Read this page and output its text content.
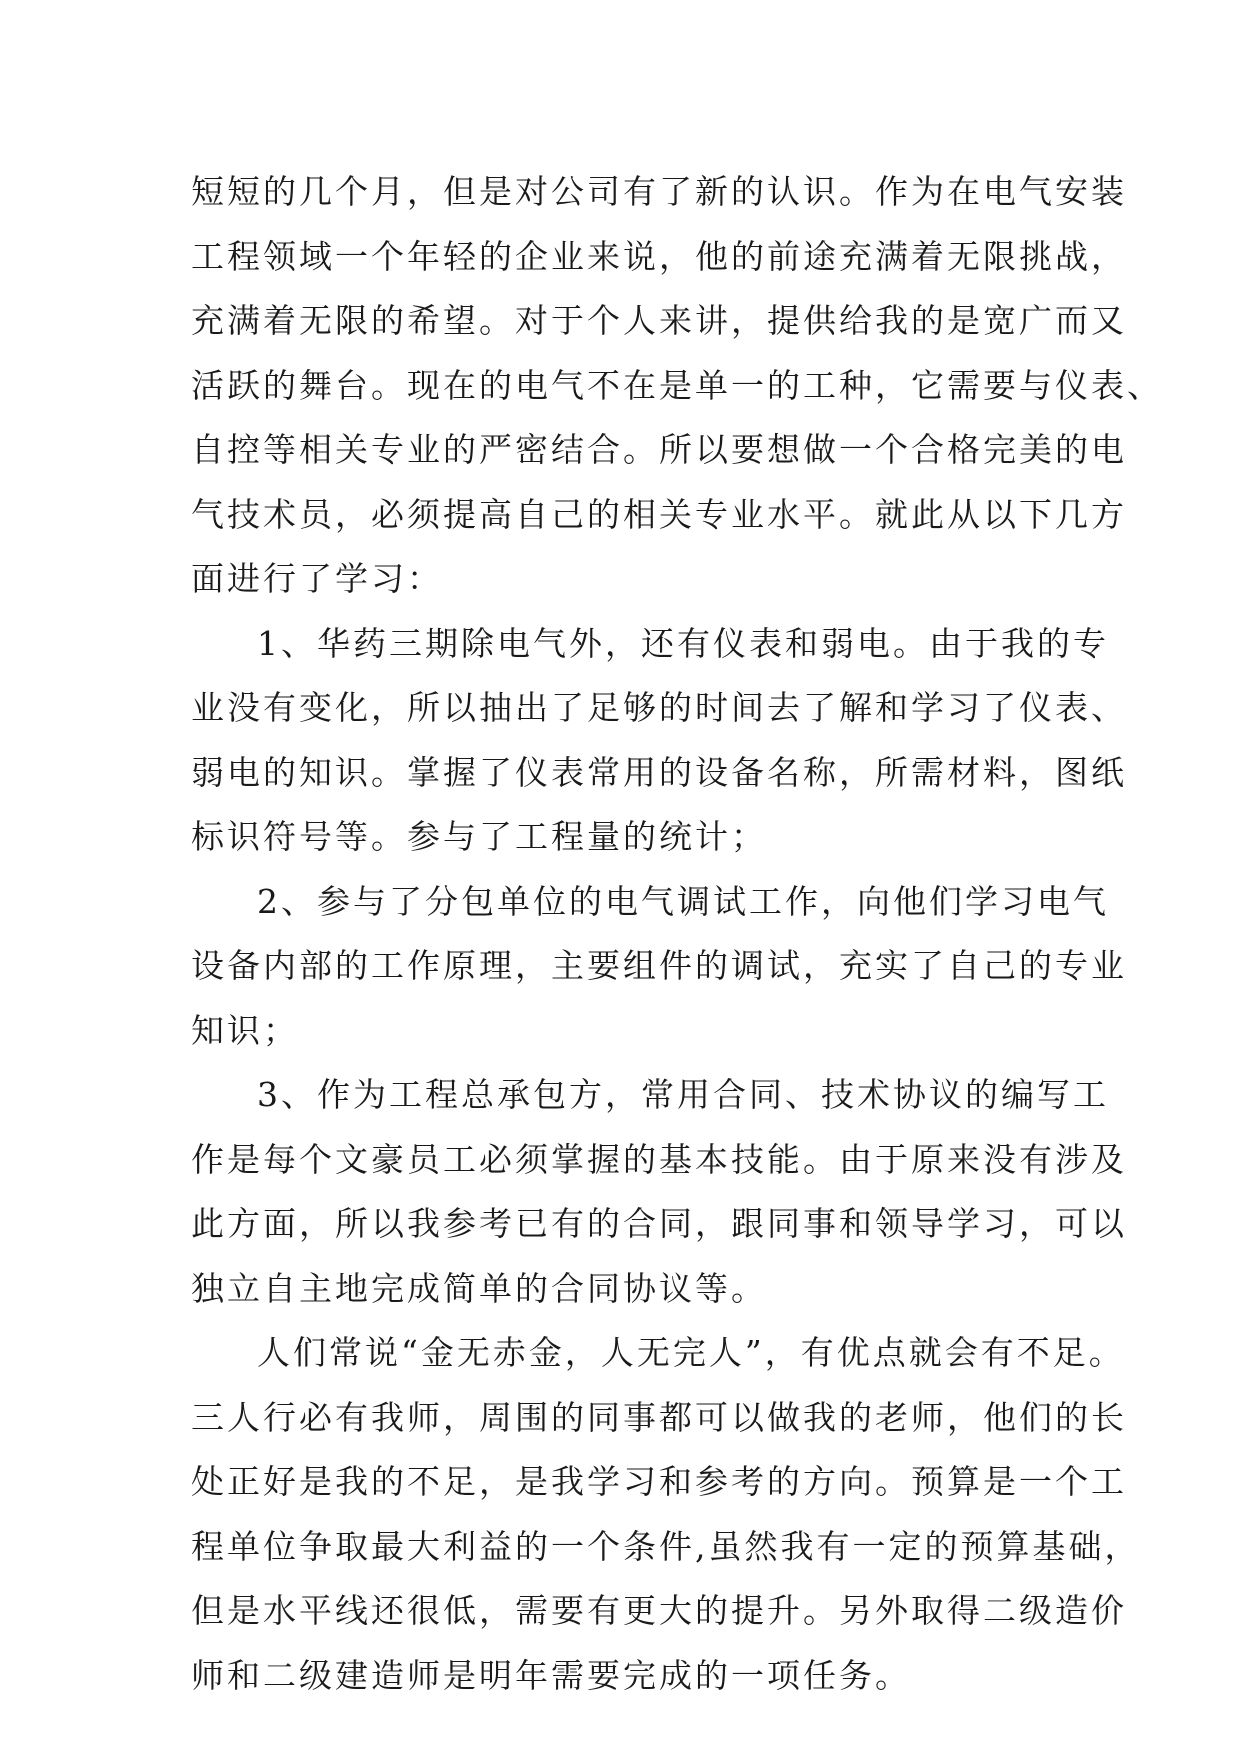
短短的几个月，但是对公司有了新的认识。作为在电气安装
工程领域一个年轻的企业来说，他的前途充满着无限挑战，
充满着无限的希望。对于个人来讲，提供给我的是宽广而又
活跃的舞台。现在的电气不在是单一的工种，它需要与仪表、
自控等相关专业的严密结合。所以要想做一个合格完美的电
气技术员，必须提高自己的相关专业水平。就此从以下几方
面进行了学习：
1、华药三期除电气外，还有仪表和弱电。由于我的专
业没有变化，所以抽出了足够的时间去了解和学习了仪表、
弱电的知识。掌握了仪表常用的设备名称，所需材料，图纸
标识符号等。参与了工程量的统计；
2、参与了分包单位的电气调试工作，向他们学习电气
设备内部的工作原理，主要组件的调试，充实了自己的专业
知识；
3、作为工程总承包方，常用合同、技术协议的编写工
作是每个文豪员工必须掌握的基本技能。由于原来没有涉及
此方面，所以我参考已有的合同，跟同事和领导学习，可以
独立自主地完成简单的合同协议等。
人们常说“金无赤金，人无完人”，有优点就会有不足。
三人行必有我师，周围的同事都可以做我的老师，他们的长
处正好是我的不足，是我学习和参考的方向。预算是一个工
程单位争取最大利益的一个条件,虽然我有一定的预算基础，
但是水平线还很低，需要有更大的提升。另外取得二级造价
师和二级建造师是明年需要完成的一项任务。
